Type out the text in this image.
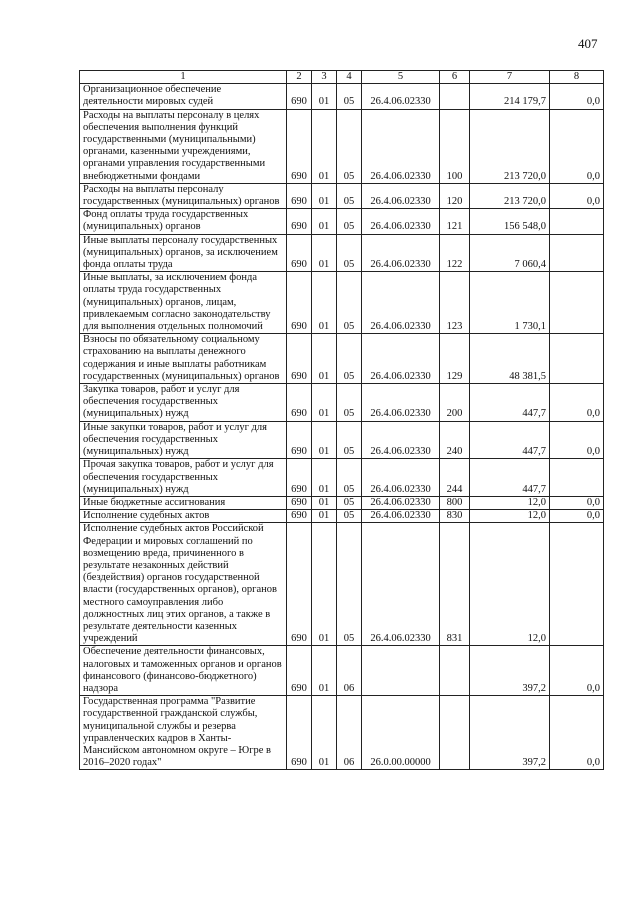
407
1	2	3	4	5	6	7	8
Организационное обеспечение деятельности мировых судей	690	01	05	26.4.06.02330		214 179,7	0,0
Расходы на выплаты персоналу в целях обеспечения выполнения функций государственными (муниципальными) органами, казенными учреждениями, органами управления государственными внебюджетными фондами	690	01	05	26.4.06.02330	100	213 720,0	0,0
Расходы на выплаты персоналу государственных (муниципальных) органов	690	01	05	26.4.06.02330	120	213 720,0	0,0
Фонд оплаты труда государственных (муниципальных) органов	690	01	05	26.4.06.02330	121	156 548,0	
Иные выплаты персоналу государственных (муниципальных) органов, за исключением фонда оплаты труда	690	01	05	26.4.06.02330	122	7 060,4	
Иные выплаты, за исключением фонда оплаты труда государственных (муниципальных) органов, лицам, привлекаемым согласно законодательству для выполнения отдельных полномочий	690	01	05	26.4.06.02330	123	1 730,1	
Взносы по обязательному социальному страхованию на выплаты денежного содержания и иные выплаты работникам государственных (муниципальных) органов	690	01	05	26.4.06.02330	129	48 381,5	
Закупка товаров, работ и услуг для обеспечения государственных (муниципальных) нужд	690	01	05	26.4.06.02330	200	447,7	0,0
Иные закупки товаров, работ и услуг для обеспечения государственных (муниципальных) нужд	690	01	05	26.4.06.02330	240	447,7	0,0
Прочая закупка товаров, работ и услуг для обеспечения государственных (муниципальных) нужд	690	01	05	26.4.06.02330	244	447,7	
Иные бюджетные ассигнования	690	01	05	26.4.06.02330	800	12,0	0,0
Исполнение судебных актов	690	01	05	26.4.06.02330	830	12,0	0,0
Исполнение судебных актов Российской Федерации и мировых соглашений по возмещению вреда, причиненного в результате незаконных действий (бездействия) органов государственной власти (государственных органов), органов местного самоуправления либо должностных лиц этих органов, а также в результате деятельности казенных учреждений	690	01	05	26.4.06.02330	831	12,0	
Обеспечение деятельности финансовых, налоговых и таможенных органов и органов финансового (финансово-бюджетного) надзора	690	01	06			397,2	0,0
Государственная программа "Развитие государственной гражданской службы, муниципальной службы и резерва управленческих кадров в Ханты-Мансийском автономном округе – Югре в 2016–2020 годах"	690	01	06	26.0.00.00000		397,2	0,0
